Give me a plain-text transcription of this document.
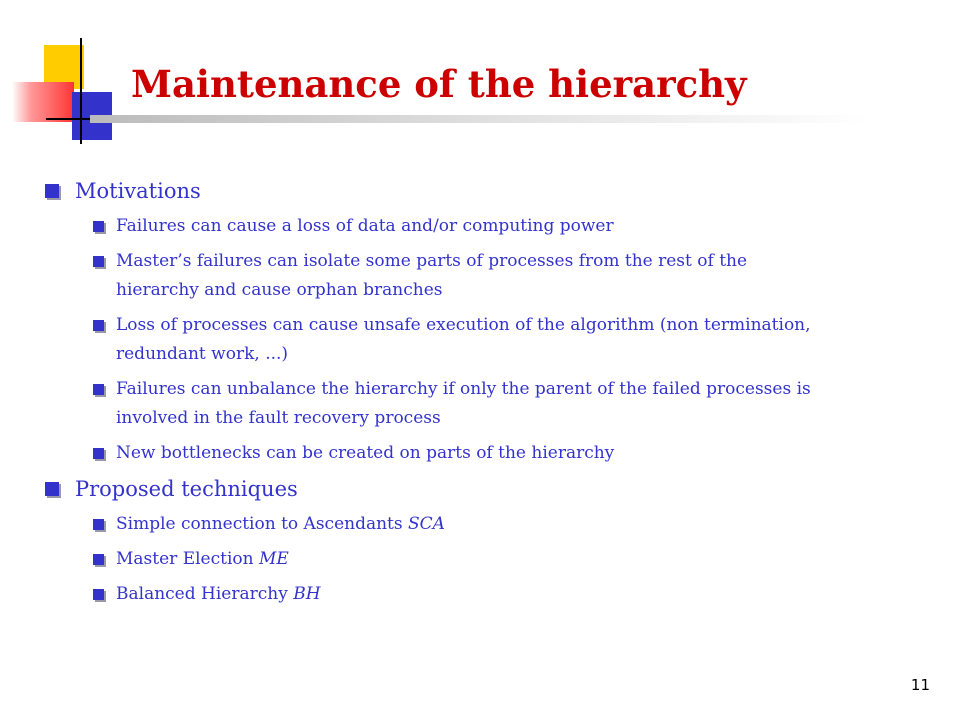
Maintenance of the hierarchy
Motivations
Failures can cause a loss of data and/or computing power
Master’s failures can isolate some parts of processes from the rest of the hierarchy and cause orphan branches
Loss of processes can cause unsafe execution of the algorithm (non termination, redundant work, ...)
Failures can unbalance the hierarchy if only the parent of the failed processes is involved in the fault recovery process
New bottlenecks can be created on parts of the hierarchy
Proposed techniques
Simple connection to Ascendants SCA
Master Election ME
Balanced Hierarchy BH
11
